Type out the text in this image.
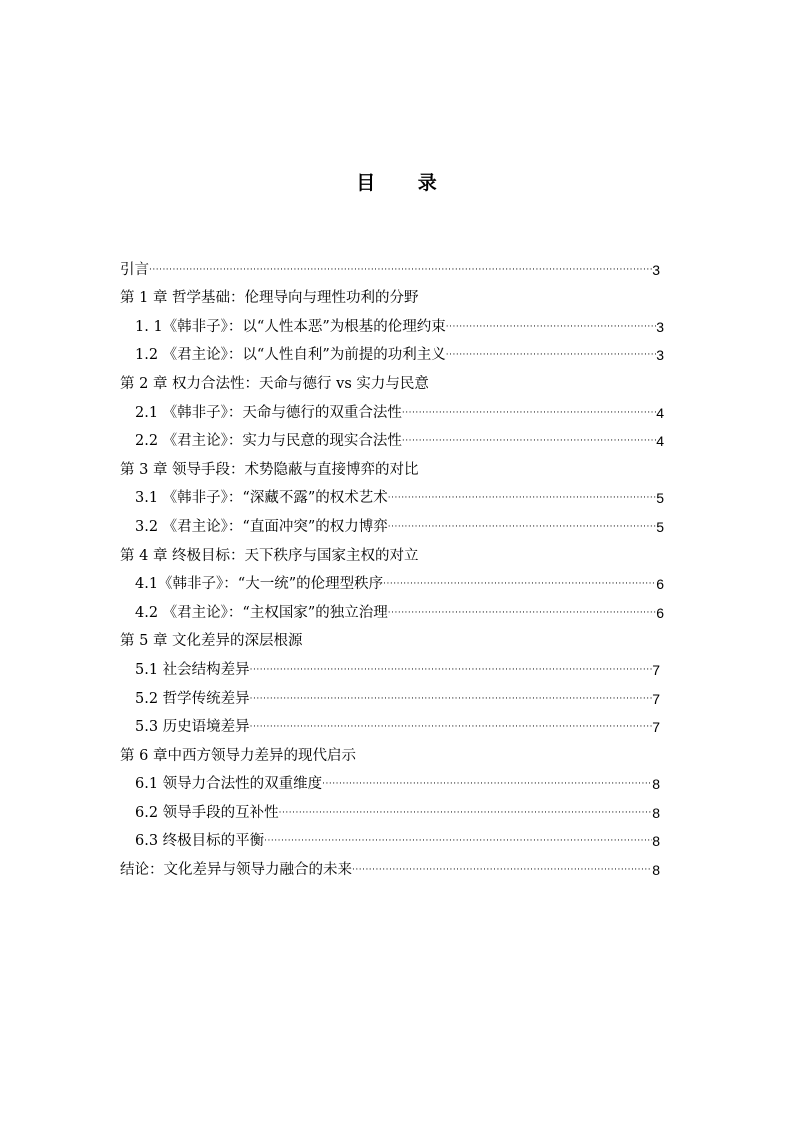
目 录
引言 ·····	3
第 1 章 哲学基础：伦理导向与理性功利的分野
1. 1《韩非子》：以“人性本恶”为根基的伦理约束 ·····	3
1.2 《君主论》：以“人性自利”为前提的功利主义 ·····	3
第 2 章 权力合法性：天命与德行 vs 实力与民意
2.1 《韩非子》：天命与德行的双重合法性 ·····	4
2.2 《君主论》：实力与民意的现实合法性 ·····	4
第 3 章 领导手段：术势隐蔽与直接博弈的对比
3.1 《韩非子》：“深藏不露”的权术艺术 ·····	5
3.2 《君主论》：“直面冲突”的权力博弈 ·····	5
第 4 章 终极目标：天下秩序与国家主权的对立
4.1《韩非子》：“大一统”的伦理型秩序 ·····	6
4.2 《君主论》：“主权国家”的独立治理 ·····	6
第 5 章 文化差异的深层根源
5.1 社会结构差异 ·····	7
5.2 哲学传统差异 ·····	7
5.3 历史语境差异 ·····	7
第 6 章中西方领导力差异的现代启示
6.1 领导力合法性的双重维度 ·····	8
6.2 领导手段的互补性 ·····	8
6.3 终极目标的平衡 ·····	8
结论：文化差异与领导力融合的未来 ·····	8
